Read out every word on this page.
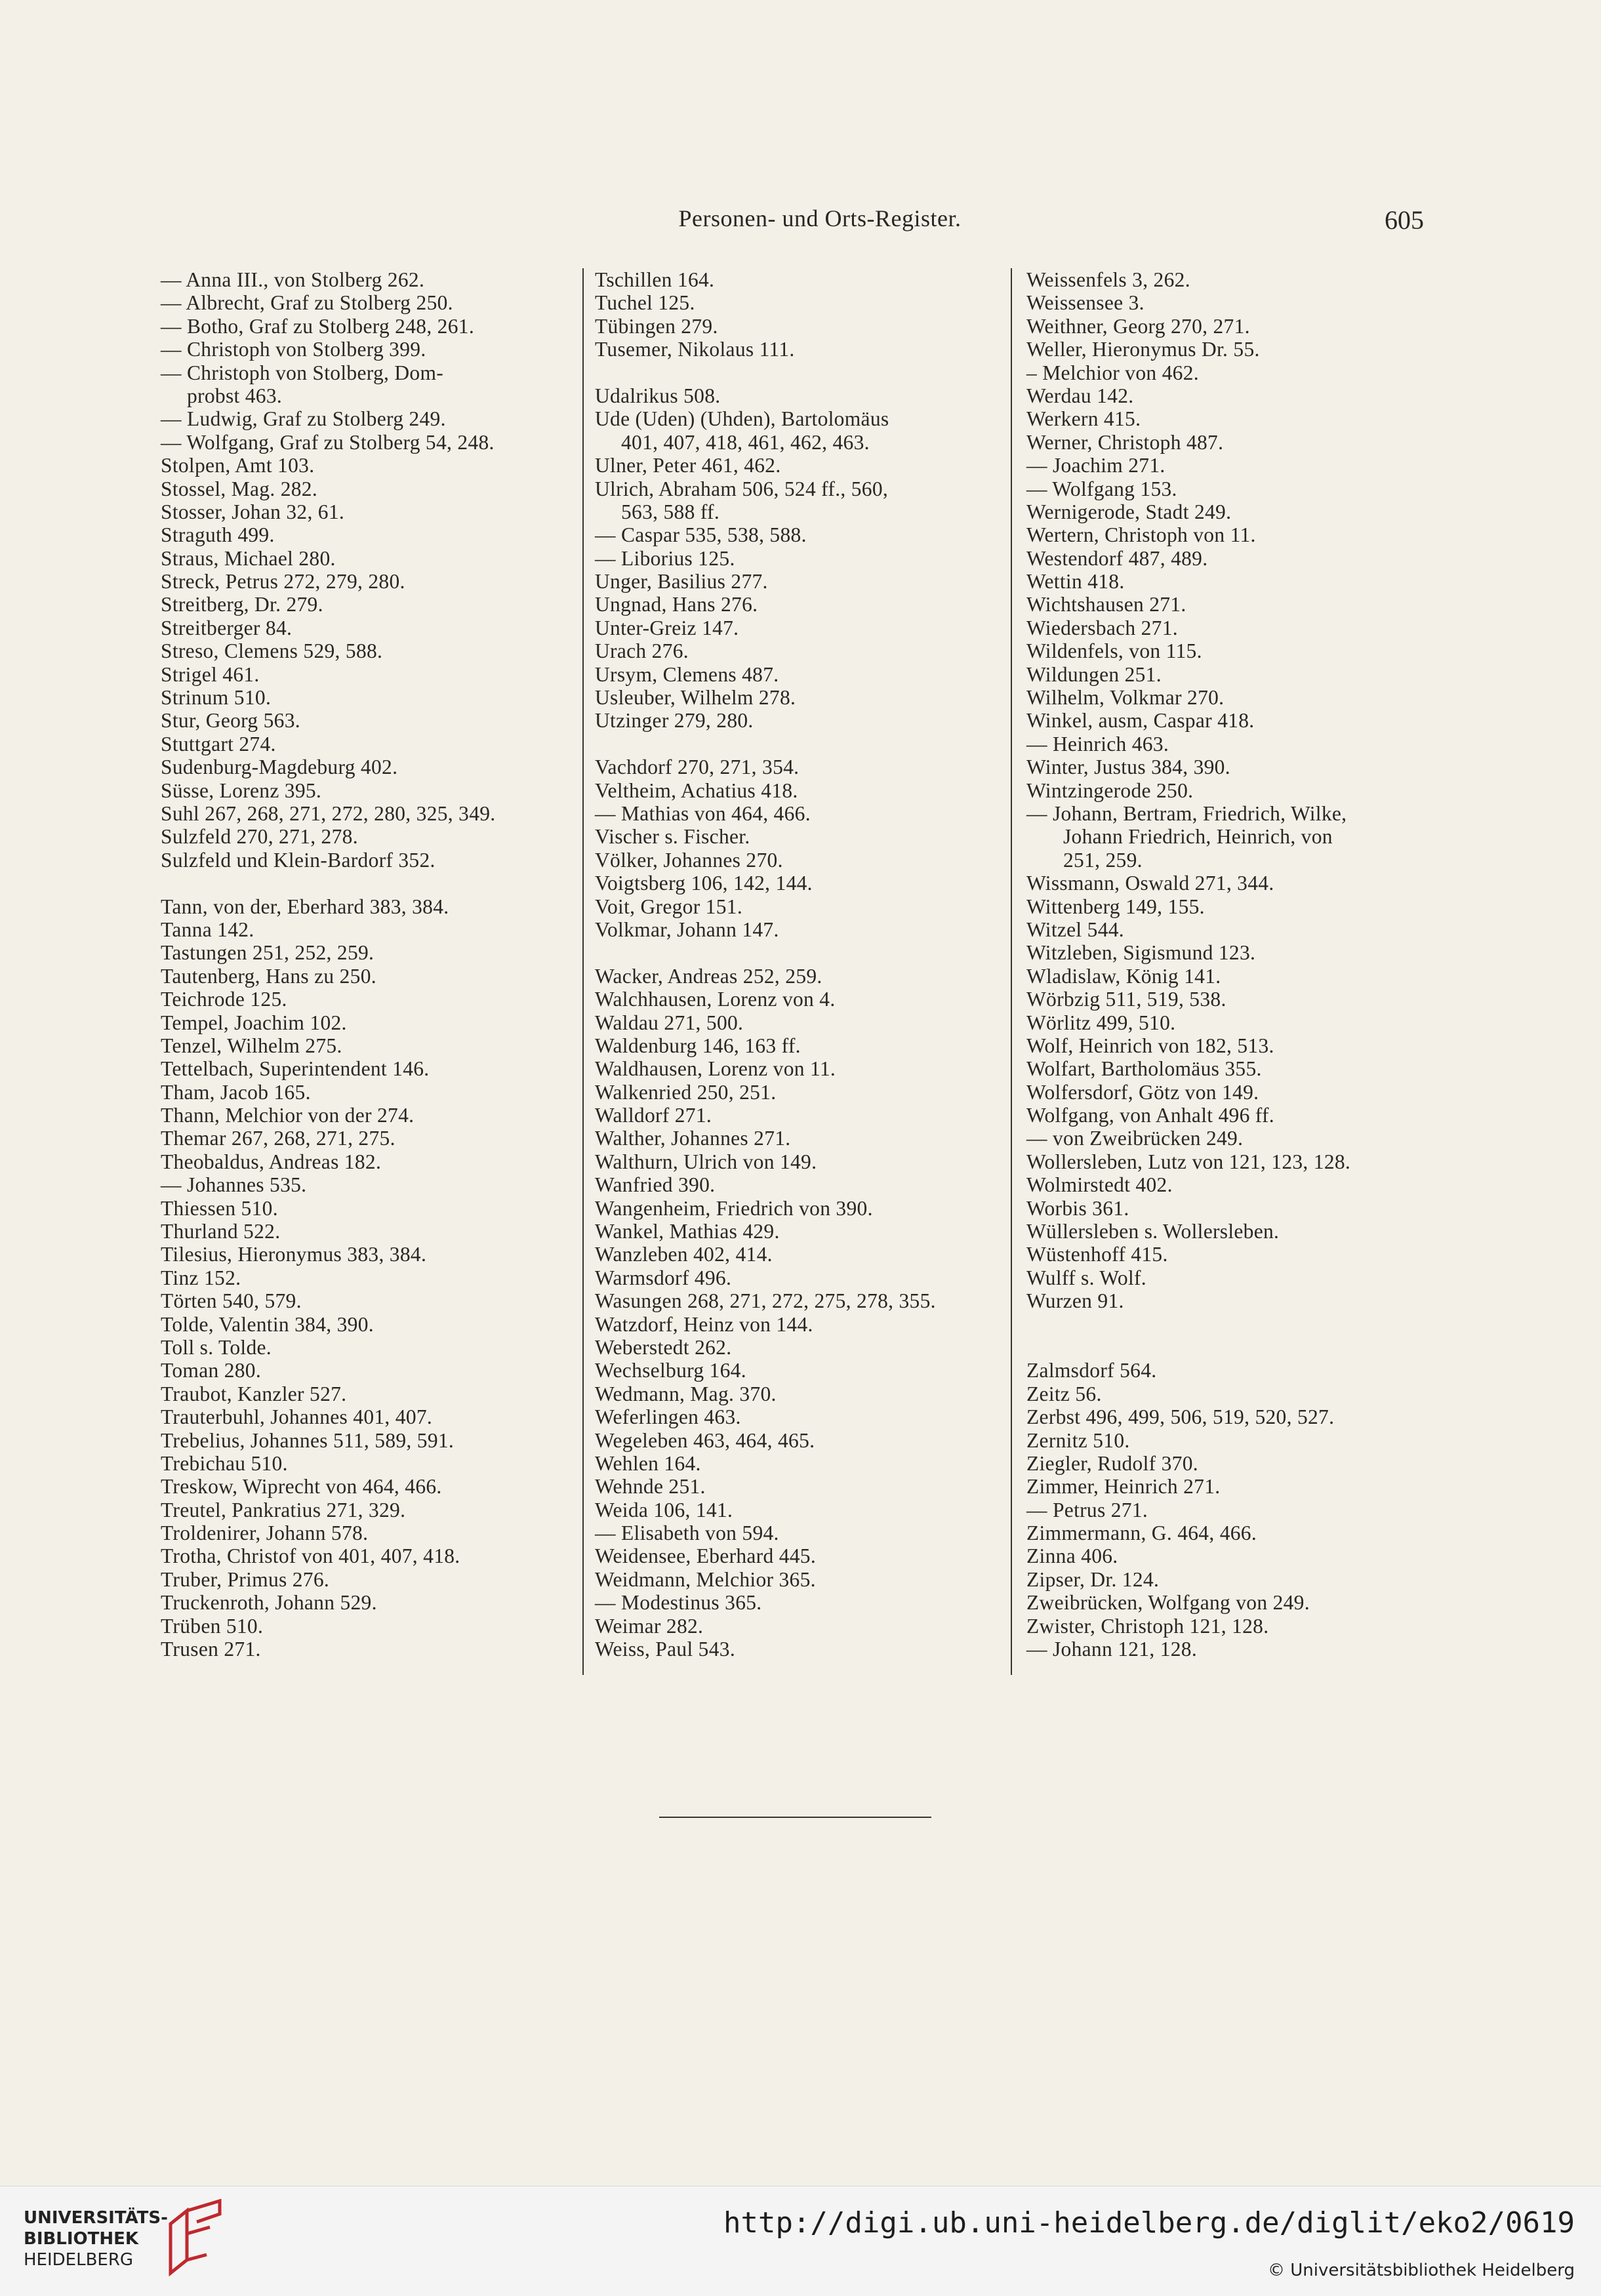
Personen- und Orts-Register.	605
— Anna III., von Stolberg 262.
— Albrecht, Graf zu Stolberg 250.
— Botho, Graf zu Stolberg 248, 261.
— Christoph von Stolberg 399.
— Christoph von Stolberg, Dom-
probst 463.
— Ludwig, Graf zu Stolberg 249.
— Wolfgang, Graf zu Stolberg 54, 248.
Stolpen, Amt 103.
Stossel, Mag. 282.
Stosser, Johan 32, 61.
Straguth 499.
Straus, Michael 280.
Streck, Petrus 272, 279, 280.
Streitberg, Dr. 279.
Streitberger 84.
Streso, Clemens 529, 588.
Strigel 461.
Strinum 510.
Stur, Georg 563.
Stuttgart 274.
Sudenburg-Magdeburg 402.
Süsse, Lorenz 395.
Suhl 267, 268, 271, 272, 280, 325, 349.
Sulzfeld 270, 271, 278.
Sulzfeld und Klein-Bardorf 352.
Tann, von der, Eberhard 383, 384.
Tanna 142.
Tastungen 251, 252, 259.
Tautenberg, Hans zu 250.
Teichrode 125.
Tempel, Joachim 102.
Tenzel, Wilhelm 275.
Tettelbach, Superintendent 146.
Tham, Jacob 165.
Thann, Melchior von der 274.
Themar 267, 268, 271, 275.
Theobaldus, Andreas 182.
— Johannes 535.
Thiessen 510.
Thurland 522.
Tilesius, Hieronymus 383, 384.
Tinz 152.
Törten 540, 579.
Tolde, Valentin 384, 390.
Toll s. Tolde.
Toman 280.
Traubot, Kanzler 527.
Trauterbuhl, Johannes 401, 407.
Trebelius, Johannes 511, 589, 591.
Trebichau 510.
Treskow, Wiprecht von 464, 466.
Treutel, Pankratius 271, 329.
Troldenirer, Johann 578.
Trotha, Christof von 401, 407, 418.
Truber, Primus 276.
Truckenroth, Johann 529.
Trüben 510.
Trusen 271.
Tschillen 164.
Tuchel 125.
Tübingen 279.
Tusemer, Nikolaus 111.
Udalrikus 508.
Ude (Uden) (Uhden), Bartolomäus
401, 407, 418, 461, 462, 463.
Ulner, Peter 461, 462.
Ulrich, Abraham 506, 524 ff., 560,
563, 588 ff.
— Caspar 535, 538, 588.
— Liborius 125.
Unger, Basilius 277.
Ungnad, Hans 276.
Unter-Greiz 147.
Urach 276.
Ursym, Clemens 487.
Usleuber, Wilhelm 278.
Utzinger 279, 280.
Vachdorf 270, 271, 354.
Veltheim, Achatius 418.
— Mathias von 464, 466.
Vischer s. Fischer.
Völker, Johannes 270.
Voigtsberg 106, 142, 144.
Voit, Gregor 151.
Volkmar, Johann 147.
Wacker, Andreas 252, 259.
Walchhausen, Lorenz von 4.
Waldau 271, 500.
Waldenburg 146, 163 ff.
Waldhausen, Lorenz von 11.
Walkenried 250, 251.
Walldorf 271.
Walther, Johannes 271.
Walthurn, Ulrich von 149.
Wanfried 390.
Wangenheim, Friedrich von 390.
Wankel, Mathias 429.
Wanzleben 402, 414.
Warmsdorf 496.
Wasungen 268, 271, 272, 275, 278, 355.
Watzdorf, Heinz von 144.
Weberstedt 262.
Wechselburg 164.
Wedmann, Mag. 370.
Weferlingen 463.
Wegeleben 463, 464, 465.
Wehlen 164.
Wehnde 251.
Weida 106, 141.
— Elisabeth von 594.
Weidensee, Eberhard 445.
Weidmann, Melchior 365.
— Modestinus 365.
Weimar 282.
Weiss, Paul 543.
Weissenfels 3, 262.
Weissensee 3.
Weithner, Georg 270, 271.
Weller, Hieronymus Dr. 55.
– Melchior von 462.
Werdau 142.
Werkern 415.
Werner, Christoph 487.
— Joachim 271.
— Wolfgang 153.
Wernigerode, Stadt 249.
Wertern, Christoph von 11.
Westendorf 487, 489.
Wettin 418.
Wichtshausen 271.
Wiedersbach 271.
Wildenfels, von 115.
Wildungen 251.
Wilhelm, Volkmar 270.
Winkel, ausm, Caspar 418.
— Heinrich 463.
Winter, Justus 384, 390.
Wintzingerode 250.
— Johann, Bertram, Friedrich, Wilke,
Johann Friedrich, Heinrich, von
251, 259.
Wissmann, Oswald 271, 344.
Wittenberg 149, 155.
Witzel 544.
Witzleben, Sigismund 123.
Wladislaw, König 141.
Wörbzig 511, 519, 538.
Wörlitz 499, 510.
Wolf, Heinrich von 182, 513.
Wolfart, Bartholomäus 355.
Wolfersdorf, Götz von 149.
Wolfgang, von Anhalt 496 ff.
— von Zweibrücken 249.
Wollersleben, Lutz von 121, 123, 128.
Wolmirstedt 402.
Worbis 361.
Wüllersleben s. Wollersleben.
Wüstenhoff 415.
Wulff s. Wolf.
Wurzen 91.
Zalmsdorf 564.
Zeitz 56.
Zerbst 496, 499, 506, 519, 520, 527.
Zernitz 510.
Ziegler, Rudolf 370.
Zimmer, Heinrich 271.
— Petrus 271.
Zimmermann, G. 464, 466.
Zinna 406.
Zipser, Dr. 124.
Zweibrücken, Wolfgang von 249.
Zwister, Christoph 121, 128.
— Johann 121, 128.
UNIVERSITÄTS-
BIBLIOTHEK
HEIDELBERG
http://digi.ub.uni-heidelberg.de/diglit/eko2/0619
© Universitätsbibliothek Heidelberg
